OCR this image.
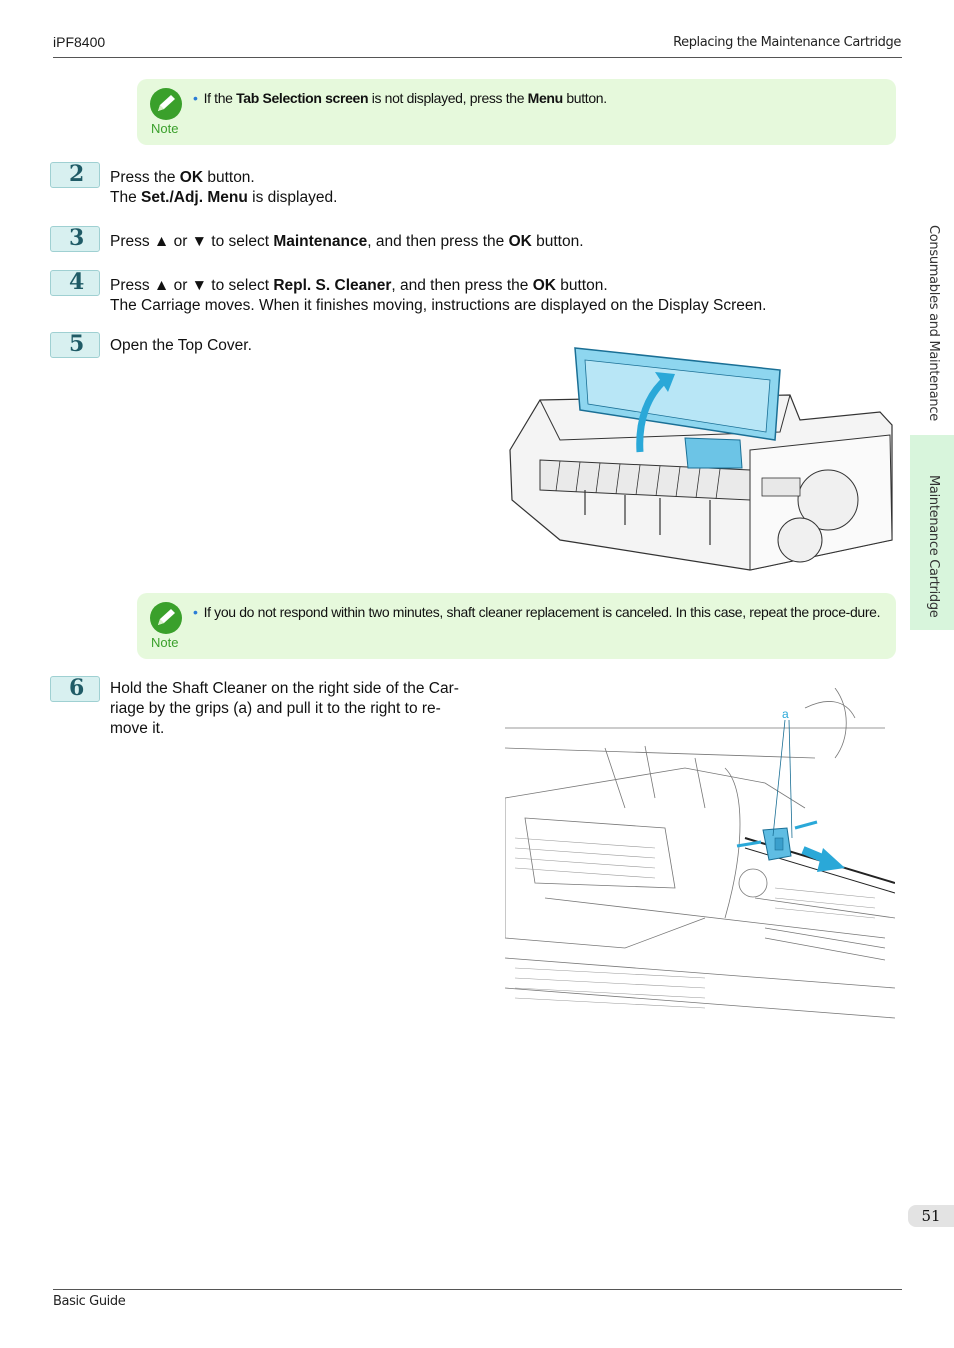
iPF8400	Replacing the Maintenance Cartridge
Note
• If the Tab Selection screen is not displayed, press the Menu button.
2 Press the OK button.
The Set./Adj. Menu is displayed.
3 Press ▲ or ▼ to select Maintenance, and then press the OK button.
4 Press ▲ or ▼ to select Repl. S. Cleaner, and then press the OK button.
The Carriage moves. When it finishes moving, instructions are displayed on the Display Screen.
5 Open the Top Cover.
Note
• If you do not respond within two minutes, shaft cleaner replacement is canceled. In this case, repeat the proce-dure.
6 Hold the Shaft Cleaner on the right side of the Car-
riage by the grips (a) and pull it to the right to re-
move it.
a
Consumables and Maintenance
Maintenance Cartridge
51
Basic Guide
